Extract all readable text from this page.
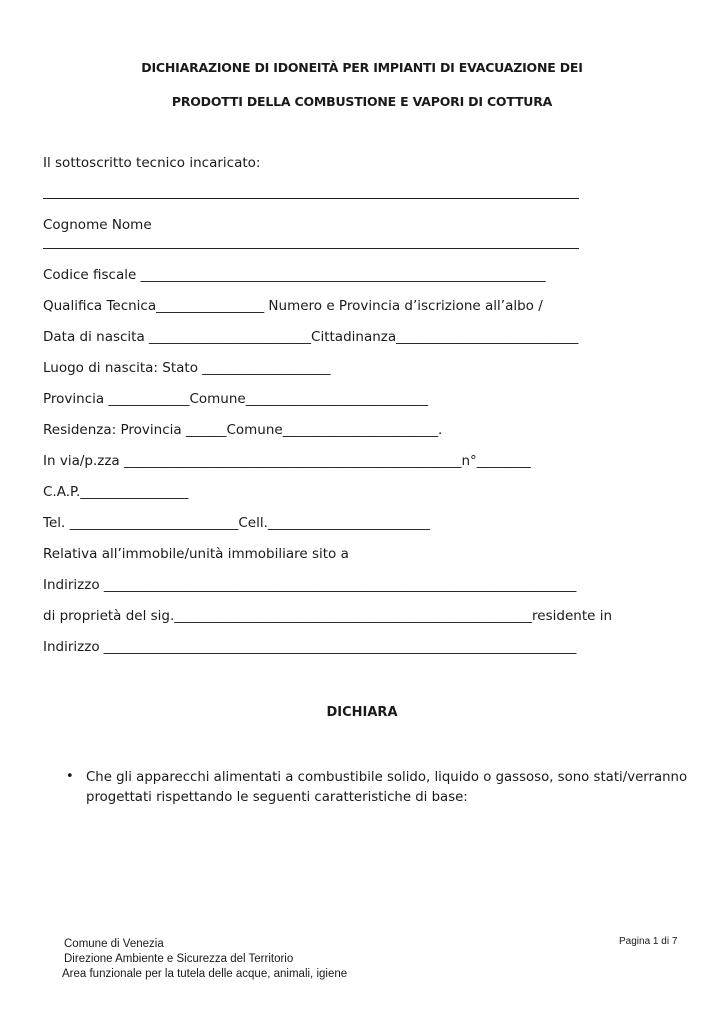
DICHIARAZIONE DI IDONEITÀ PER IMPIANTI DI EVACUAZIONE DEI
PRODOTTI DELLA COMBUSTIONE E VAPORI DI COTTURA
Il sottoscritto tecnico incaricato:
Cognome Nome
Codice fiscale ____________________________________________________________
Qualifica Tecnica________________ Numero e Provincia d’iscrizione all’albo /
Data di nascita ________________________Cittadinanza___________________________
Luogo di nascita: Stato ___________________
Provincia ____________Comune___________________________
Residenza: Provincia ______Comune_______________________.
In via/p.zza __________________________________________________n°________
C.A.P.________________
Tel. _________________________Cell.________________________
Relativa all’immobile/unità immobiliare sito a
Indirizzo ______________________________________________________________________
di proprietà del sig._____________________________________________________residente in
Indirizzo ______________________________________________________________________
DICHIARA
• Che gli apparecchi alimentati a combustibile solido, liquido o gassoso, sono stati/verranno progettati rispettando le seguenti caratteristiche di base:
Comune di Venezia
Direzione Ambiente e Sicurezza del Territorio
Area funzionale per la tutela delle acque, animali, igiene
Pagina 1 di 7
